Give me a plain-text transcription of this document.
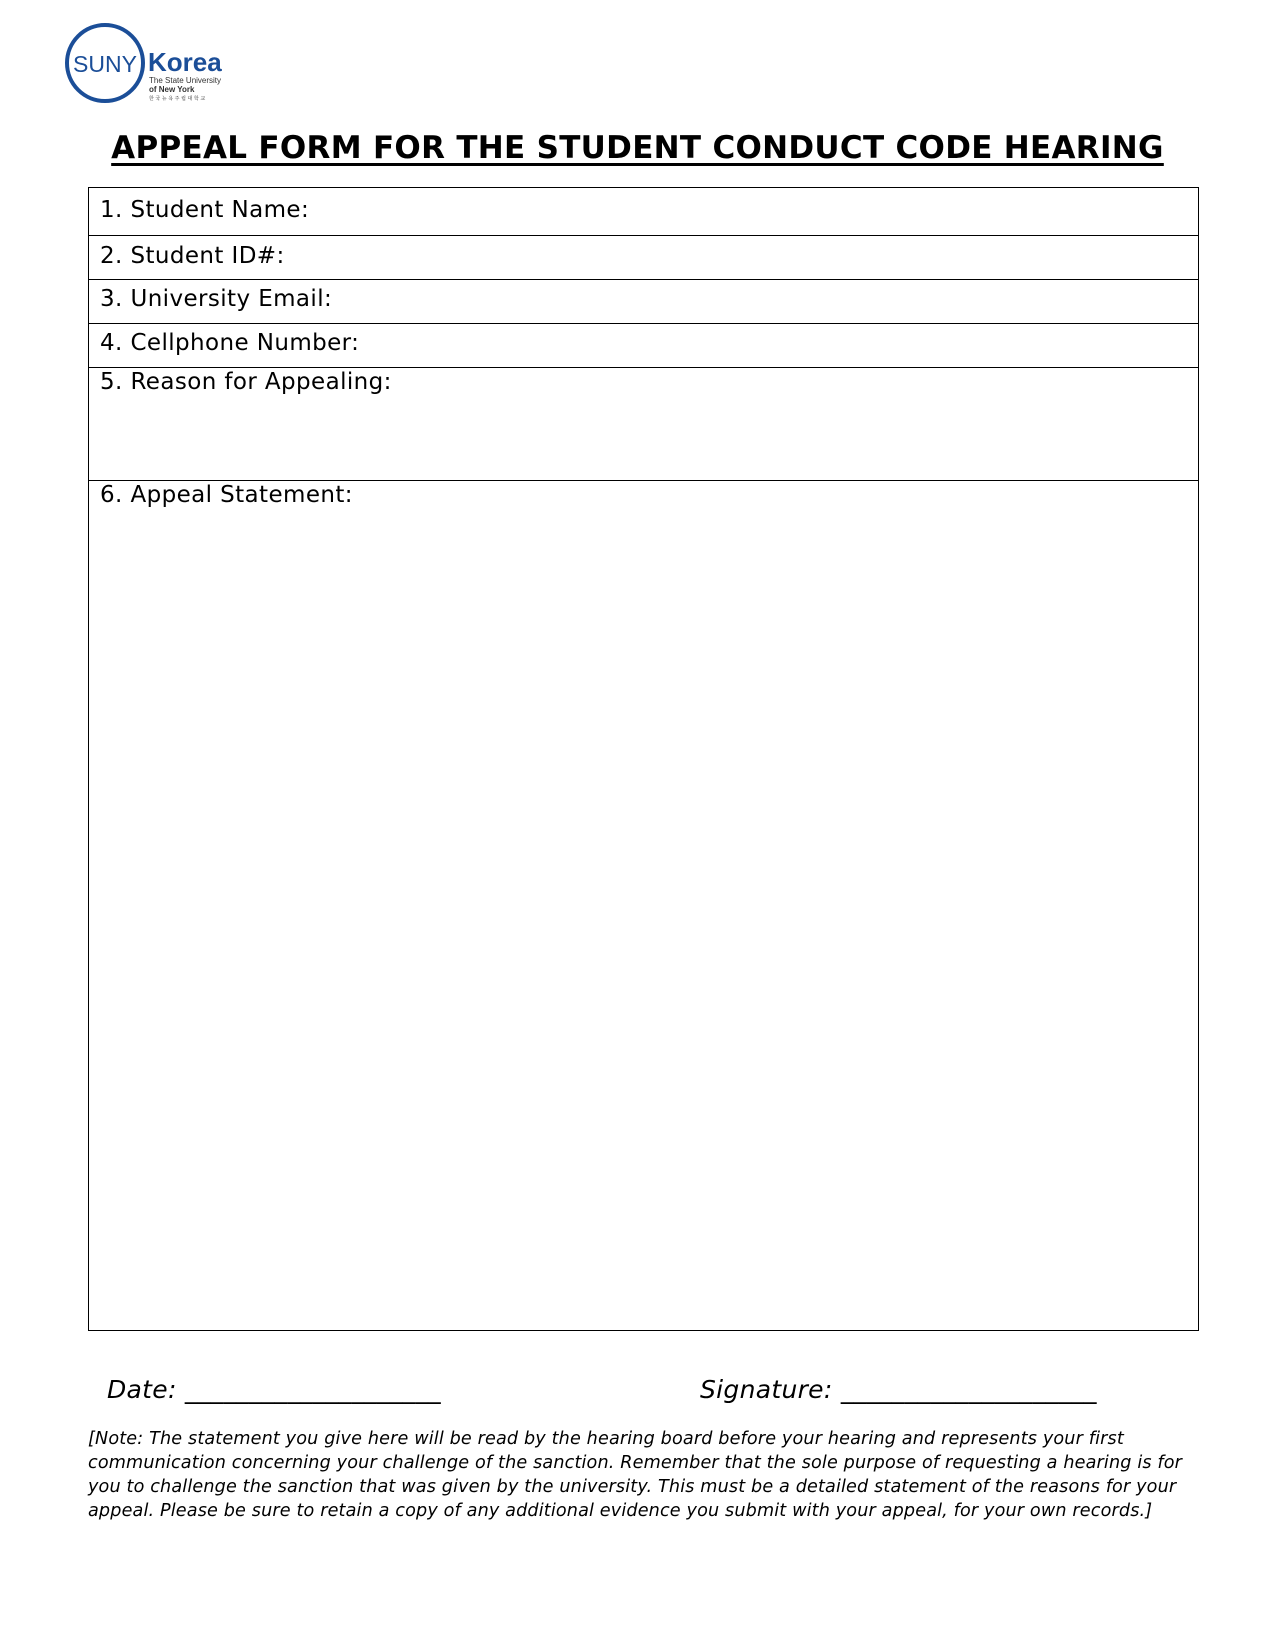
SUNY Korea
The State University
of New York
한 국 뉴 욕 주 립 대 학 교
APPEAL FORM FOR THE STUDENT CONDUCT CODE HEARING
1. Student Name:
2. Student ID#:
3. University Email:
4. Cellphone Number:
5. Reason for Appealing:
6. Appeal Statement:
Date: ____________________	Signature: ____________________
[Note: The statement you give here will be read by the hearing board before your hearing and represents your first communication concerning your challenge of the sanction. Remember that the sole purpose of requesting a hearing is for you to challenge the sanction that was given by the university. This must be a detailed statement of the reasons for your appeal. Please be sure to retain a copy of any additional evidence you submit with your appeal, for your own records.]
